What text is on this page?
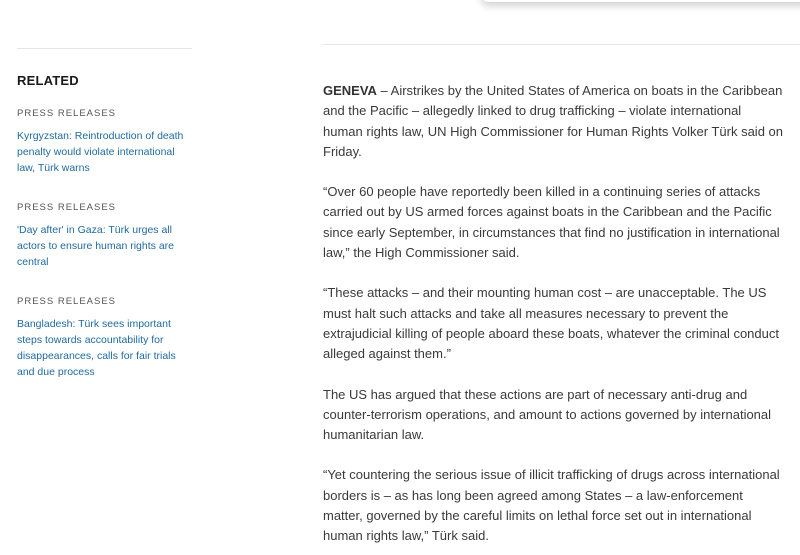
RELATED
PRESS RELEASES
Kyrgyzstan: Reintroduction of death penalty would violate international law, Türk warns
PRESS RELEASES
'Day after' in Gaza: Türk urges all actors to ensure human rights are central
PRESS RELEASES
Bangladesh: Türk sees important steps towards accountability for disappearances, calls for fair trials and due process

GENEVA – Airstrikes by the United States of America on boats in the Caribbean and the Pacific – allegedly linked to drug trafficking – violate international human rights law, UN High Commissioner for Human Rights Volker Türk said on Friday.

“Over 60 people have reportedly been killed in a continuing series of attacks carried out by US armed forces against boats in the Caribbean and the Pacific since early September, in circumstances that find no justification in international law,” the High Commissioner said.

“These attacks – and their mounting human cost – are unacceptable. The US must halt such attacks and take all measures necessary to prevent the extrajudicial killing of people aboard these boats, whatever the criminal conduct alleged against them.”

The US has argued that these actions are part of necessary anti-drug and counter-terrorism operations, and amount to actions governed by international humanitarian law.

“Yet countering the serious issue of illicit trafficking of drugs across international borders is – as has long been agreed among States – a law-enforcement matter, governed by the careful limits on lethal force set out in international human rights law,” Türk said.
